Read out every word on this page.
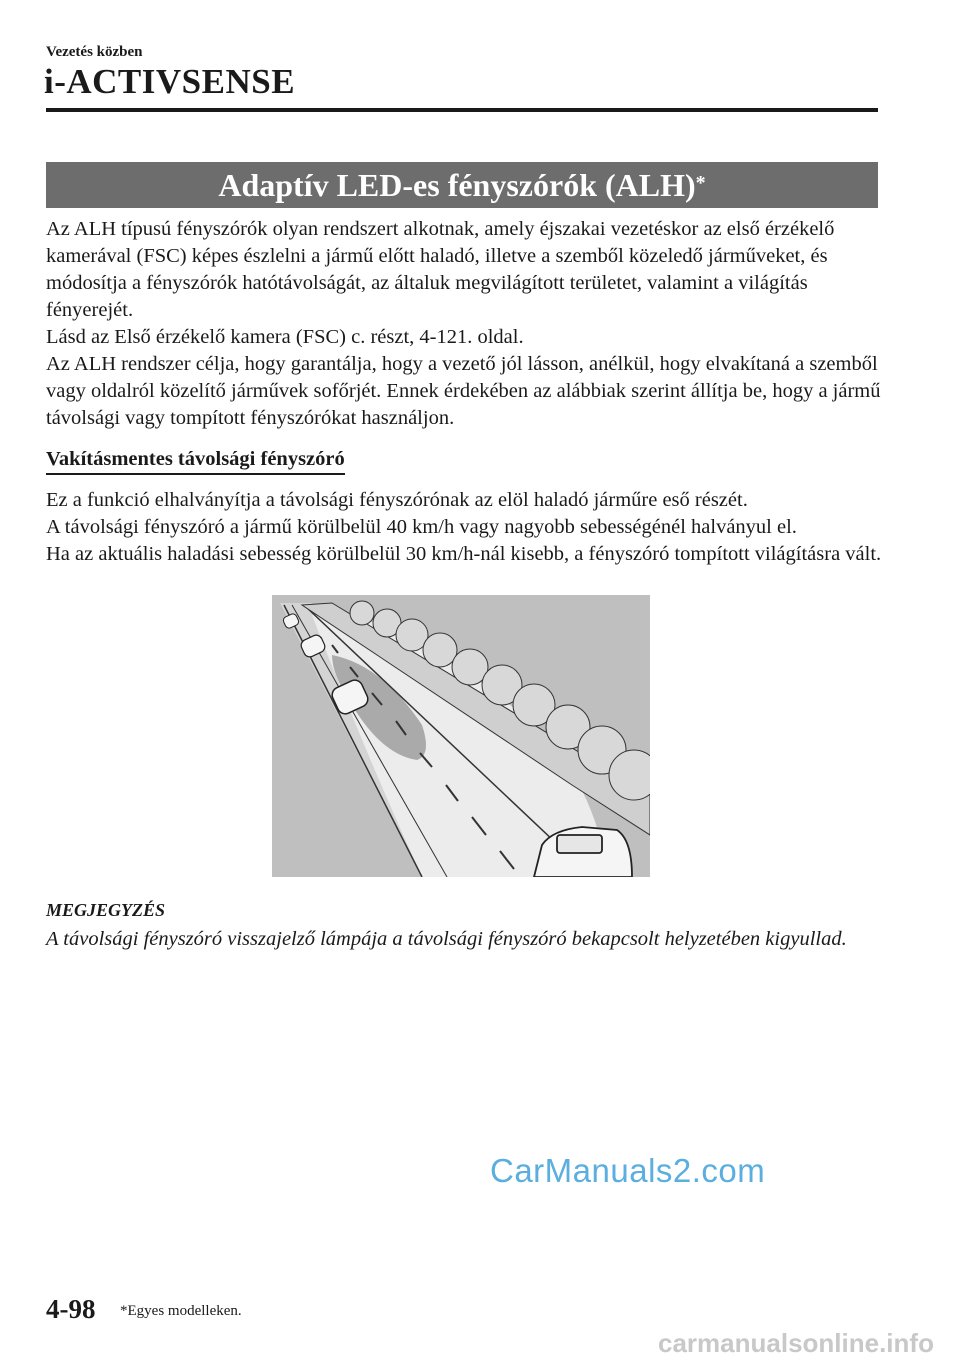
Vezetés közben
i-ACTIVSENSE
Adaptív LED-es fényszórók (ALH)*

Az ALH típusú fényszórók olyan rendszert alkotnak, amely éjszakai vezetéskor az első érzékelő kamerával (FSC) képes észlelni a jármű előtt haladó, illetve a szemből közeledő járműveket, és módosítja a fényszórók hatótávolságát, az általuk megvilágított területet, valamint a világítás fényerejét.

Lásd az Első érzékelő kamera (FSC) c. részt, 4-121. oldal.

Az ALH rendszer célja, hogy garantálja, hogy a vezető jól lásson, anélkül, hogy elvakítaná a szemből vagy oldalról közelítő járművek sofőrjét. Ennek érdekében az alábbiak szerint állítja be, hogy a jármű távolsági vagy tompított fényszórókat használjon.

Vakításmentes távolsági fényszóró

Ez a funkció elhalványítja a távolsági fényszórónak az elöl haladó járműre eső részét.

A távolsági fényszóró a jármű körülbelül 40 km/h vagy nagyobb sebességénél halványul el.

Ha az aktuális haladási sebesség körülbelül 30 km/h-nál kisebb, a fényszóró tompított világításra vált.

MEGJEGYZÉS
A távolsági fényszóró visszajelző lámpája a távolsági fényszóró bekapcsolt helyzetében kigyullad.
CarManuals2.com
4-98 *Egyes modelleken.
carmanualsonline.info
